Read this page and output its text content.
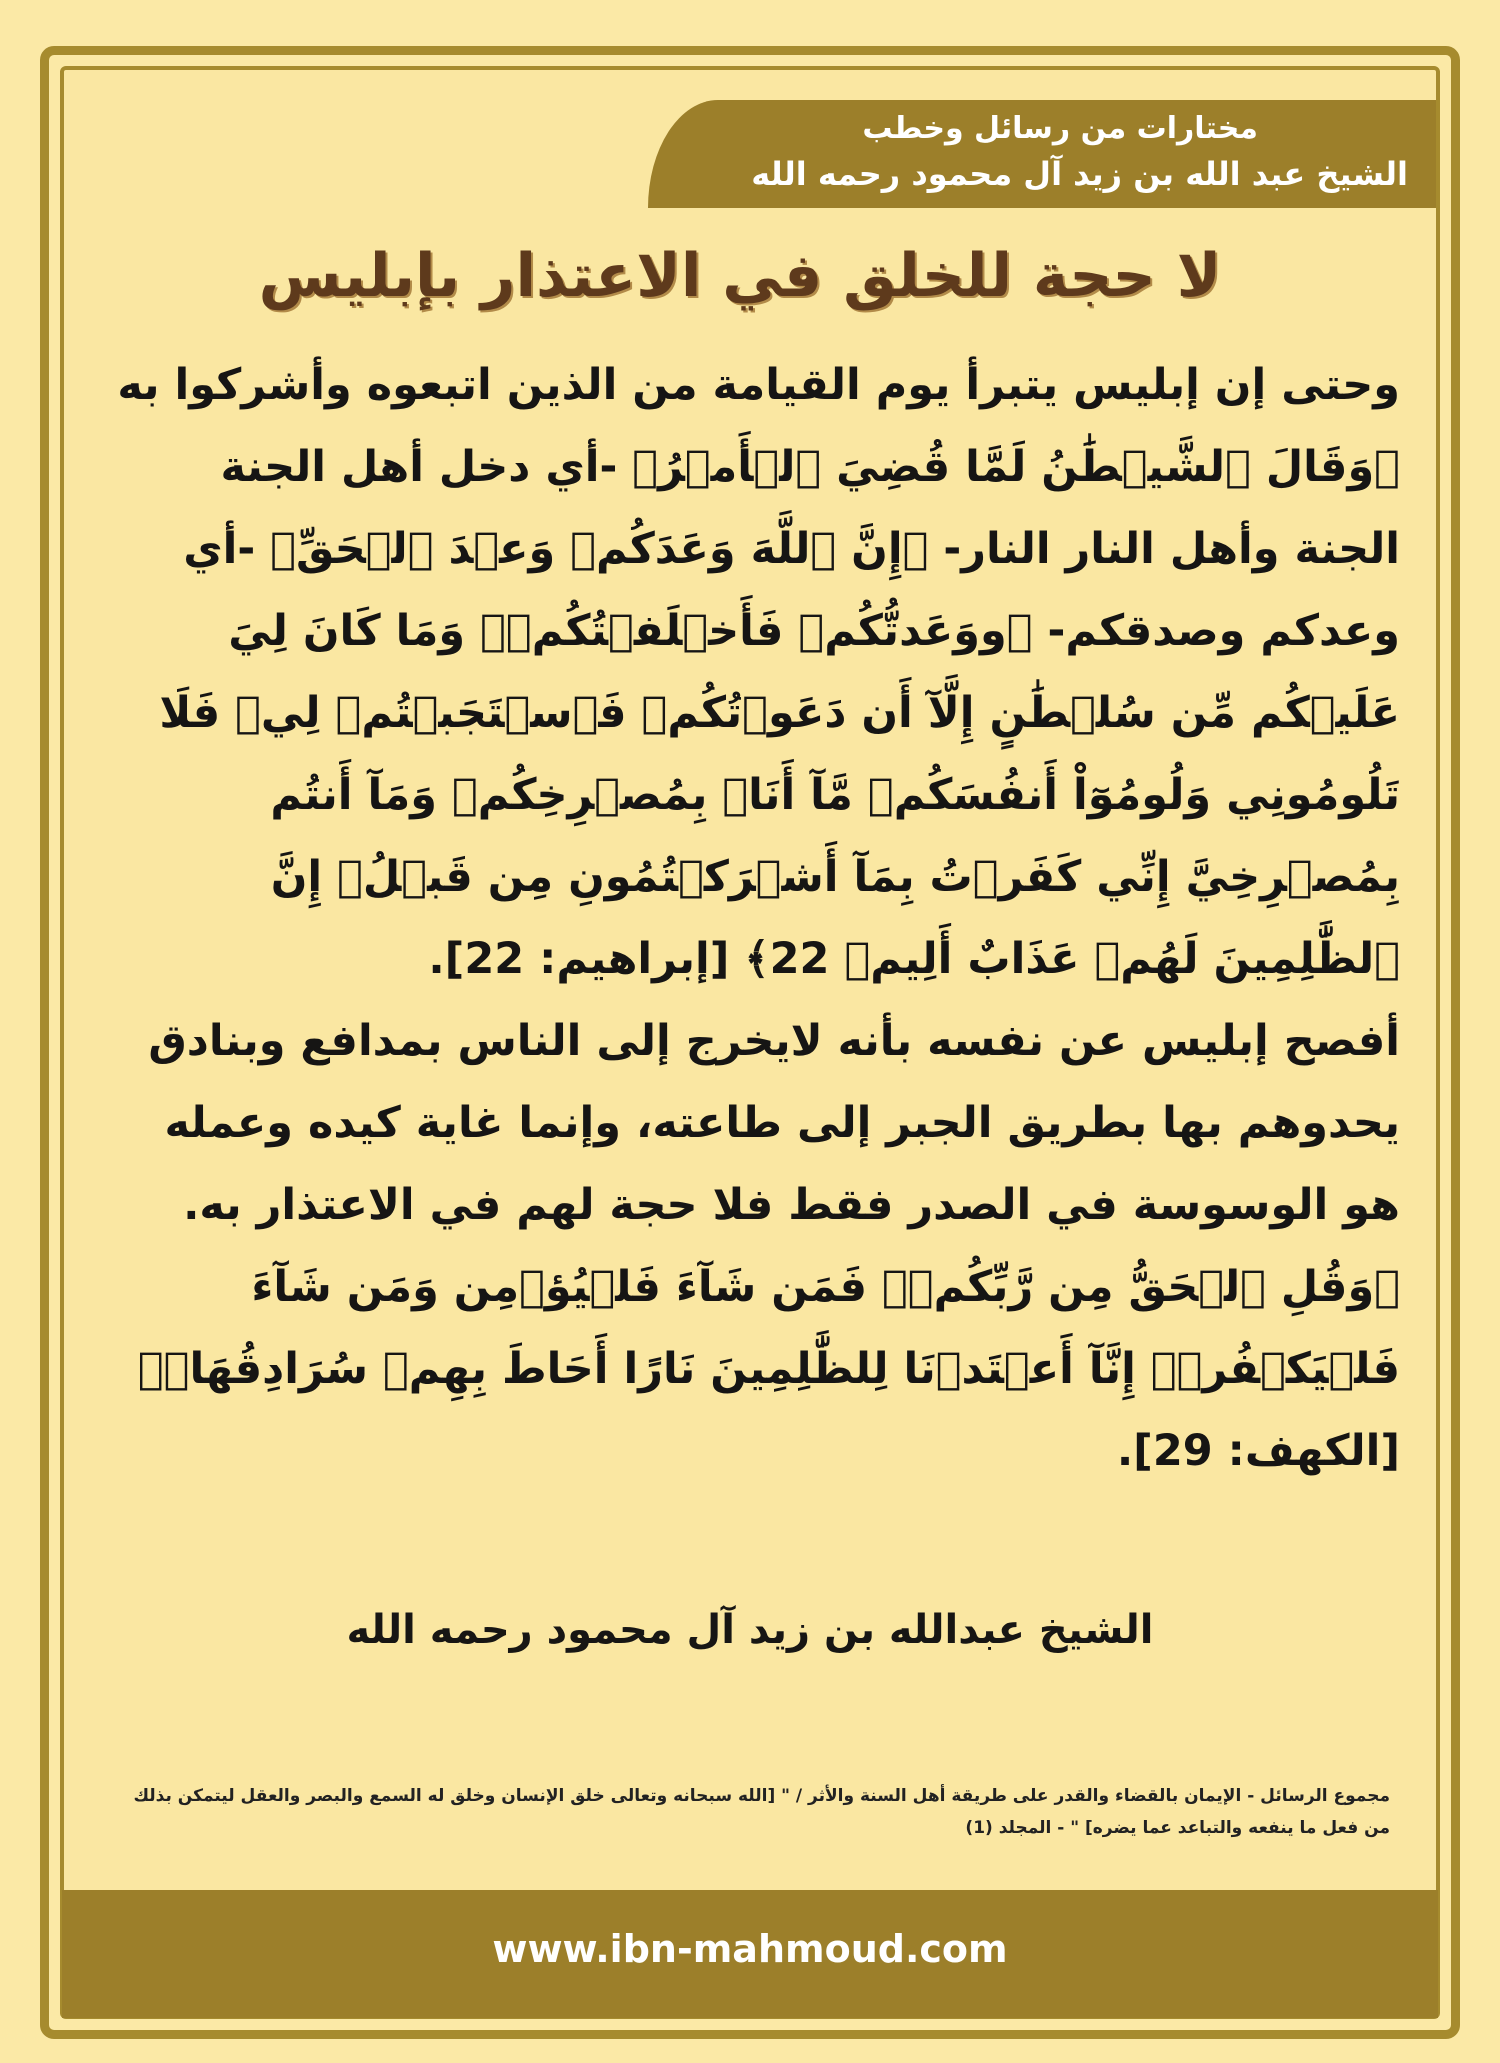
مختارات من رسائل وخطب
الشيخ عبد الله بن زيد آل محمود رحمه الله
لا حجة للخلق في الاعتذار بإبليس

وحتى إن إبليس يتبرأ يوم القيامة من الذين اتبعوه وأشركوا به ﴿وَقَالَ ٱلشَّيۡطَٰنُ لَمَّا قُضِيَ ٱلۡأَمۡرُ﴾ -أي دخل أهل الجنة الجنة وأهل النار النار- ﴿إِنَّ ٱللَّهَ وَعَدَكُمۡ وَعۡدَ ٱلۡحَقِّ﴾ -أي وعدكم وصدقكم- ﴿ووَعَدتُّكُمۡ فَأَخۡلَفۡتُكُمۡۖ وَمَا كَانَ لِيَ عَلَيۡكُم مِّن سُلۡطَٰنٍ إِلَّآ أَن دَعَوۡتُكُمۡ فَٱسۡتَجَبۡتُمۡ لِيۖ فَلَا تَلُومُونِي وَلُومُوٓاْ أَنفُسَكُمۖ مَّآ أَنَا۠ بِمُصۡرِخِكُمۡ وَمَآ أَنتُم بِمُصۡرِخِيَّ إِنِّي كَفَرۡتُ بِمَآ أَشۡرَكۡتُمُونِ مِن قَبۡلُۗ إِنَّ ٱلظَّٰلِمِينَ لَهُمۡ عَذَابٌ أَلِيمٞ 22﴾ [إبراهيم: 22].

أفصح إبليس عن نفسه بأنه لايخرج إلى الناس بمدافع وبنادق يحدوهم بها بطريق الجبر إلى طاعته، وإنما غاية كيده وعمله هو الوسوسة في الصدر فقط فلا حجة لهم في الاعتذار به.

﴿وَقُلِ ٱلۡحَقُّ مِن رَّبِّكُمۡۖ فَمَن شَآءَ فَلۡيُؤۡمِن وَمَن شَآءَ فَلۡيَكۡفُرۡۚ إِنَّآ أَعۡتَدۡنَا لِلظَّٰلِمِينَ نَارًا أَحَاطَ بِهِمۡ سُرَادِقُهَاۚ﴾ [الكهف: 29].

الشيخ عبدالله بن زيد آل محمود رحمه الله
مجموع الرسائل - الإيمان بالقضاء والقدر على طريقة أهل السنة والأثر / " [الله سبحانه وتعالى خلق الإنسان وخلق له السمع والبصر والعقل ليتمكن بذلك من فعل ما ينفعه والتباعد عما يضره] " - المجلد (1)
www.ibn-mahmoud.com
